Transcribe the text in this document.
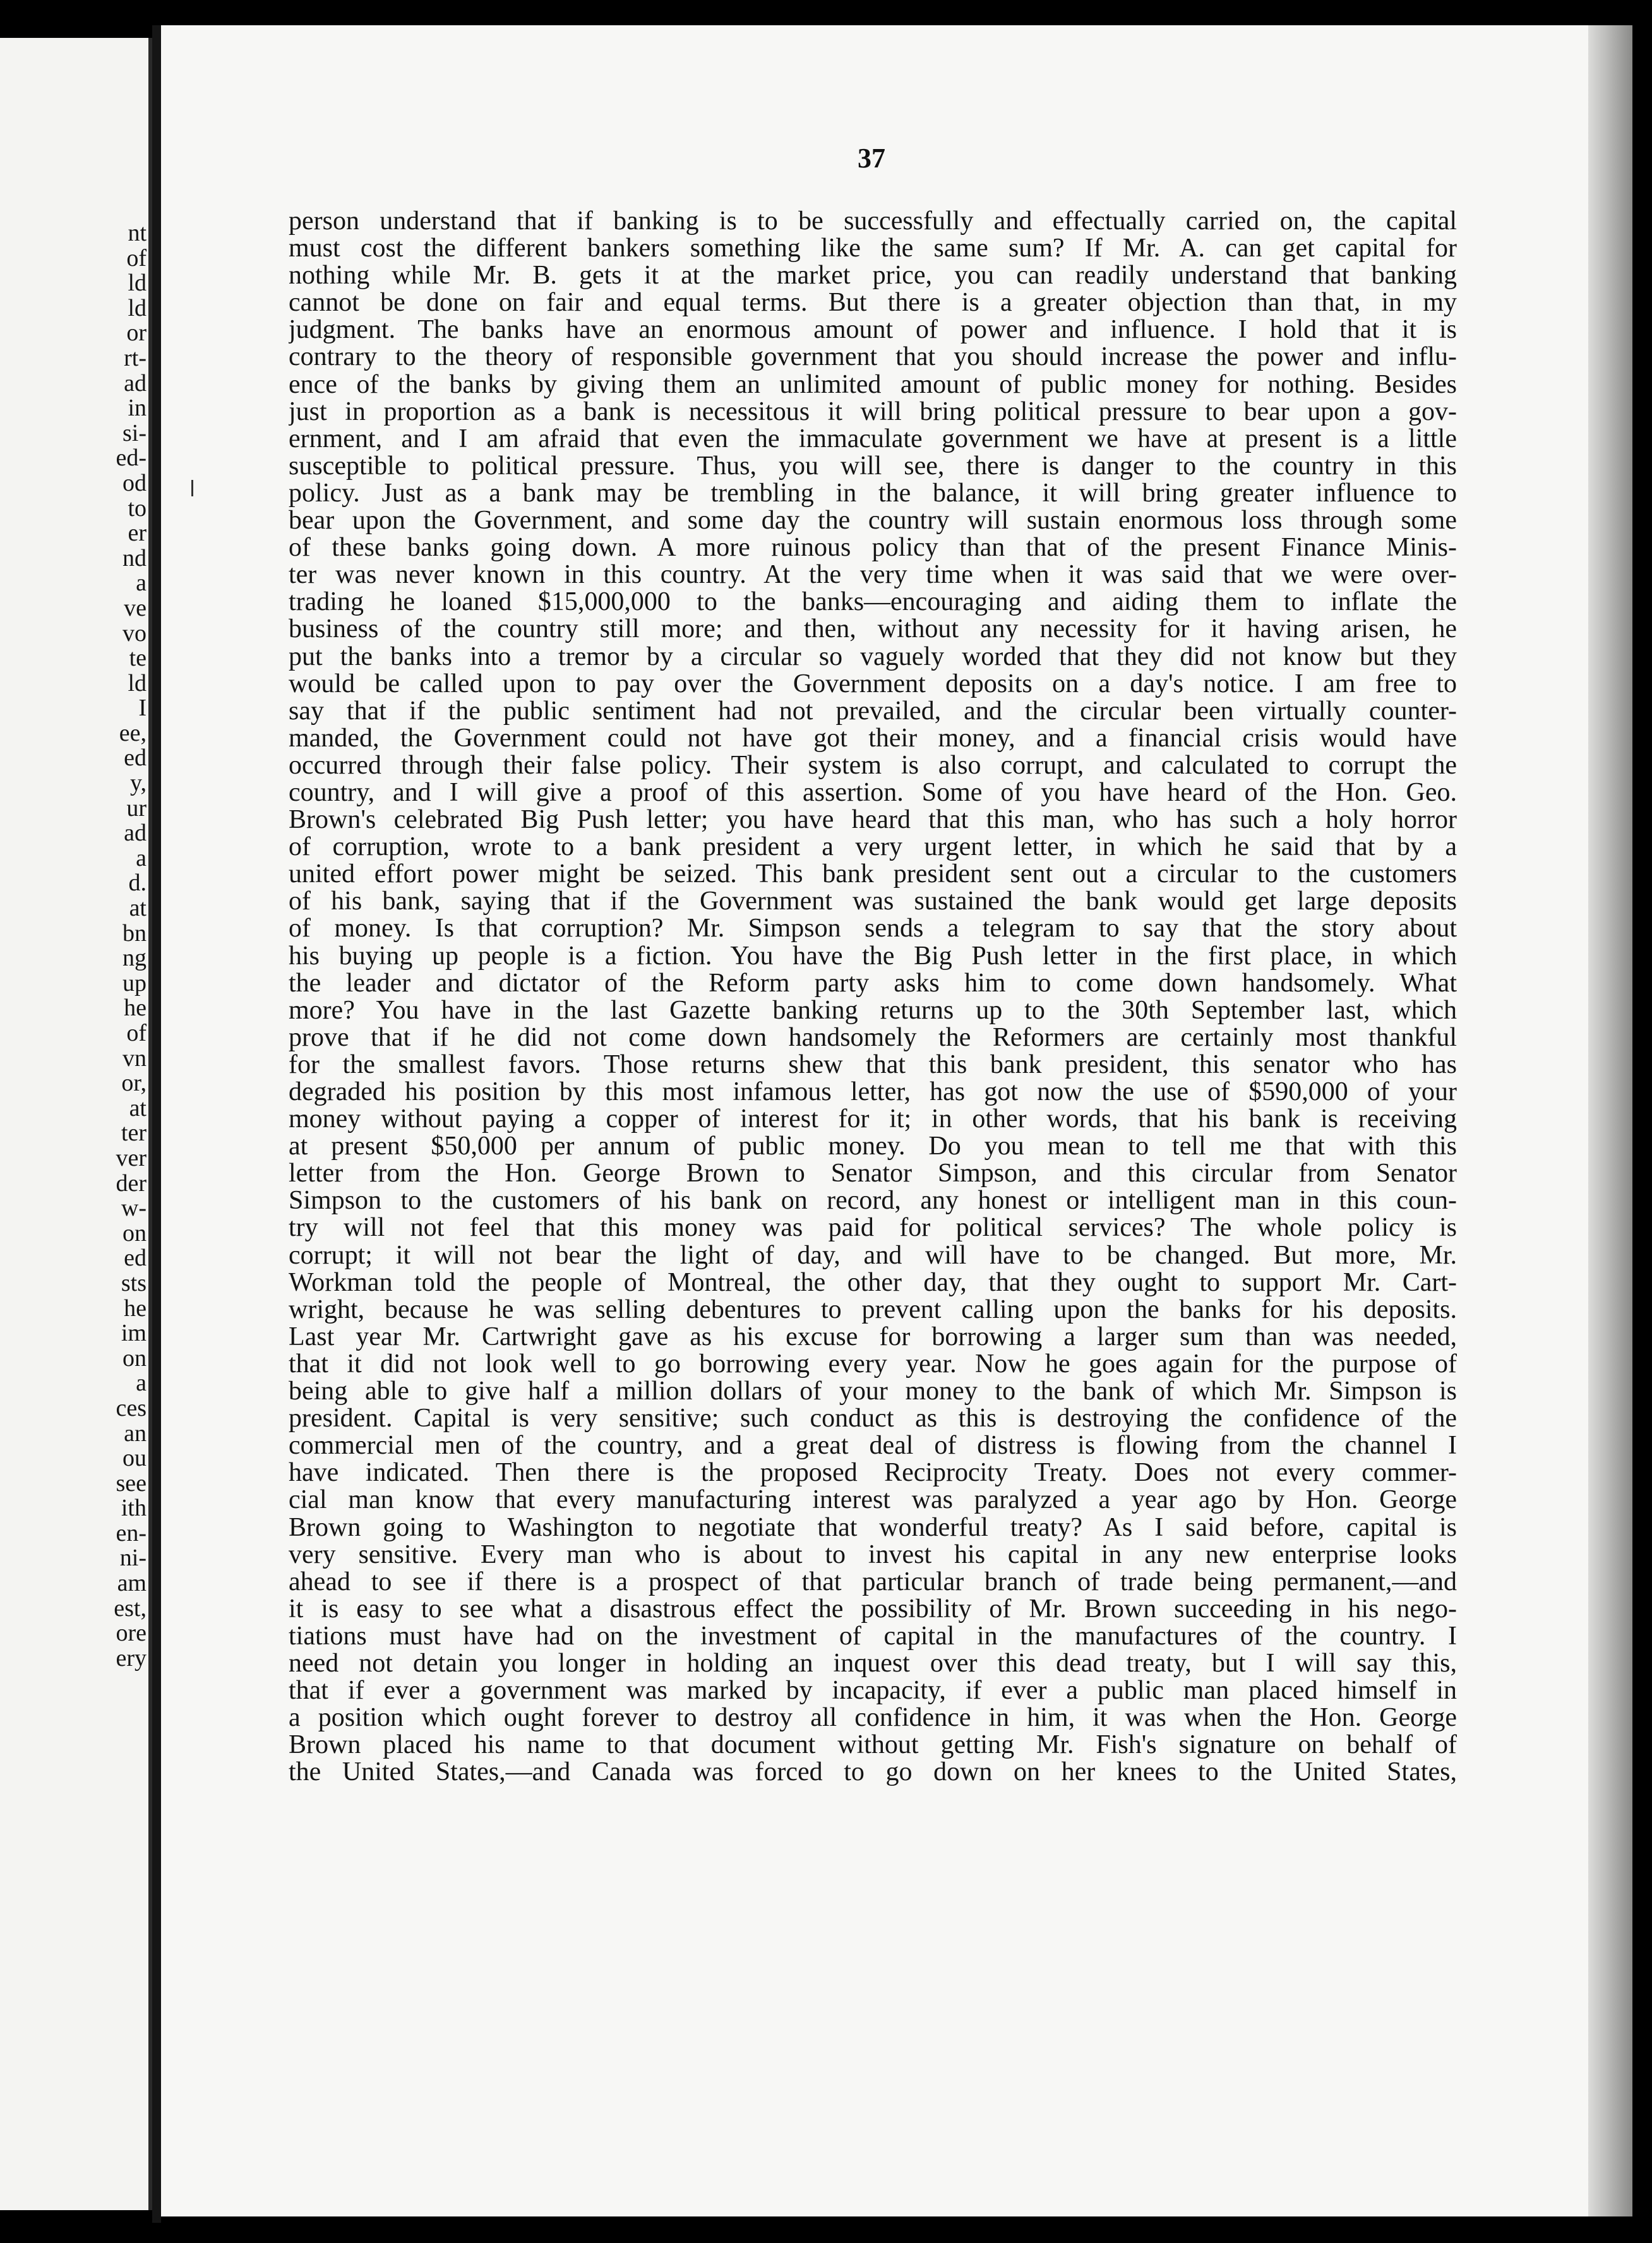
nt
of
ld
ld
or
rt-
ad
in
si-
ed-
od
to
er
nd
a
ve
vo
te
ld
I
ee,
ed
y,
ur
ad
a
d.
at
bn
ng
up
he
of
vn
or,
at
ter
ver
der
w-
on
ed
sts
he
im
on
a
ces
an
ou
see
ith
en-
ni-
am
est,
ore
ery
37
person understand that if banking is to be successfully and effectually carried on, the capital
must cost the different bankers something like the same sum? If Mr. A. can get capital for
nothing while Mr. B. gets it at the market price, you can readily understand that banking
cannot be done on fair and equal terms. But there is a greater objection than that, in my
judgment. The banks have an enormous amount of power and influence. I hold that it is
contrary to the theory of responsible government that you should increase the power and influ-
ence of the banks by giving them an unlimited amount of public money for nothing. Besides
just in proportion as a bank is necessitous it will bring political pressure to bear upon a gov-
ernment, and I am afraid that even the immaculate government we have at present is a little
susceptible to political pressure. Thus, you will see, there is danger to the country in this
policy. Just as a bank may be trembling in the balance, it will bring greater influence to
bear upon the Government, and some day the country will sustain enormous loss through some
of these banks going down. A more ruinous policy than that of the present Finance Minis-
ter was never known in this country. At the very time when it was said that we were over-
trading he loaned $15,000,000 to the banks—encouraging and aiding them to inflate the
business of the country still more; and then, without any necessity for it having arisen, he
put the banks into a tremor by a circular so vaguely worded that they did not know but they
would be called upon to pay over the Government deposits on a day's notice. I am free to
say that if the public sentiment had not prevailed, and the circular been virtually counter-
manded, the Government could not have got their money, and a financial crisis would have
occurred through their false policy. Their system is also corrupt, and calculated to corrupt the
country, and I will give a proof of this assertion. Some of you have heard of the Hon. Geo.
Brown's celebrated Big Push letter; you have heard that this man, who has such a holy horror
of corruption, wrote to a bank president a very urgent letter, in which he said that by a
united effort power might be seized. This bank president sent out a circular to the customers
of his bank, saying that if the Government was sustained the bank would get large deposits
of money. Is that corruption? Mr. Simpson sends a telegram to say that the story about
his buying up people is a fiction. You have the Big Push letter in the first place, in which
the leader and dictator of the Reform party asks him to come down handsomely. What
more? You have in the last Gazette banking returns up to the 30th September last, which
prove that if he did not come down handsomely the Reformers are certainly most thankful
for the smallest favors. Those returns shew that this bank president, this senator who has
degraded his position by this most infamous letter, has got now the use of $590,000 of your
money without paying a copper of interest for it; in other words, that his bank is receiving
at present $50,000 per annum of public money. Do you mean to tell me that with this
letter from the Hon. George Brown to Senator Simpson, and this circular from Senator
Simpson to the customers of his bank on record, any honest or intelligent man in this coun-
try will not feel that this money was paid for political services? The whole policy is
corrupt; it will not bear the light of day, and will have to be changed. But more, Mr.
Workman told the people of Montreal, the other day, that they ought to support Mr. Cart-
wright, because he was selling debentures to prevent calling upon the banks for his deposits.
Last year Mr. Cartwright gave as his excuse for borrowing a larger sum than was needed,
that it did not look well to go borrowing every year. Now he goes again for the purpose of
being able to give half a million dollars of your money to the bank of which Mr. Simpson is
president. Capital is very sensitive; such conduct as this is destroying the confidence of the
commercial men of the country, and a great deal of distress is flowing from the channel I
have indicated. Then there is the proposed Reciprocity Treaty. Does not every commer-
cial man know that every manufacturing interest was paralyzed a year ago by Hon. George
Brown going to Washington to negotiate that wonderful treaty? As I said before, capital is
very sensitive. Every man who is about to invest his capital in any new enterprise looks
ahead to see if there is a prospect of that particular branch of trade being permanent,—and
it is easy to see what a disastrous effect the possibility of Mr. Brown succeeding in his nego-
tiations must have had on the investment of capital in the manufactures of the country. I
need not detain you longer in holding an inquest over this dead treaty, but I will say this,
that if ever a government was marked by incapacity, if ever a public man placed himself in
a position which ought forever to destroy all confidence in him, it was when the Hon. George
Brown placed his name to that document without getting Mr. Fish's signature on behalf of
the United States,—and Canada was forced to go down on her knees to the United States,
